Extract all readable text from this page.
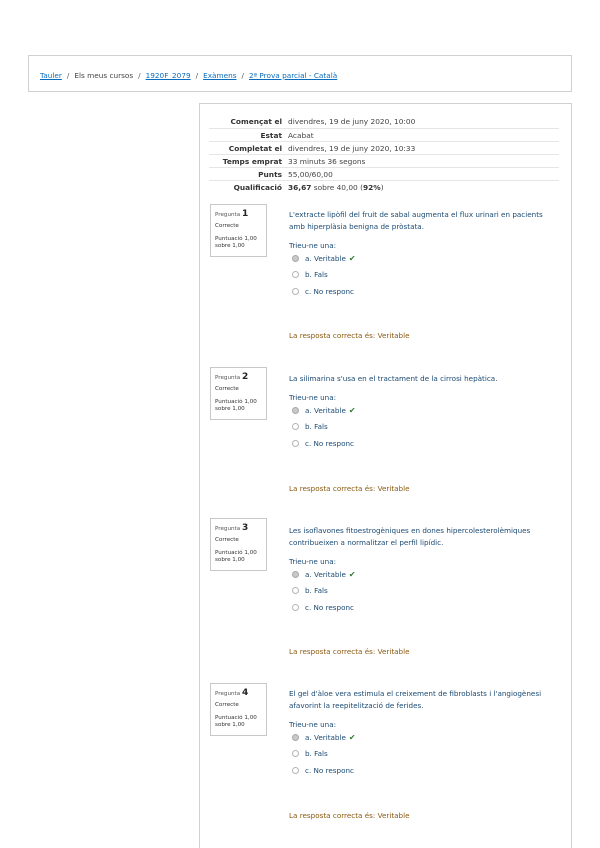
Tauler / Els meus cursos / 1920F_2079 / Exàmens / 2ª Prova parcial - Català
Començat el divendres, 19 de juny 2020, 10:00
Estat Acabat
Completat el divendres, 19 de juny 2020, 10:33
Temps emprat 33 minuts 36 segons
Punts 55,00/60,00
Qualificació 36,67 sobre 40,00 (92%)
Pregunta 1
Correcte
Puntuació 1,00
sobre 1,00
L'extracte lipòfil del fruit de sabal augmenta el flux urinari en pacients amb hiperplàsia benigna de pròstata.
Trieu-ne una:
a. Veritable ✔
b. Fals
c. No responc
La resposta correcta és: Veritable
Pregunta 2
Correcte
Puntuació 1,00
sobre 1,00
La silimarina s'usa en el tractament de la cirrosi hepàtica.
Trieu-ne una:
a. Veritable ✔
b. Fals
c. No responc
La resposta correcta és: Veritable
Pregunta 3
Correcte
Puntuació 1,00
sobre 1,00
Les isoflavones fitoestrogèniques en dones hipercolesterolèmiques contribueixen a normalitzar el perfil lipídic.
Trieu-ne una:
a. Veritable ✔
b. Fals
c. No responc
La resposta correcta és: Veritable
Pregunta 4
Correcte
Puntuació 1,00
sobre 1,00
El gel d'àloe vera estimula el creixement de fibroblasts i l'angiogènesi afavorint la reepitelització de ferides.
Trieu-ne una:
a. Veritable ✔
b. Fals
c. No responc
La resposta correcta és: Veritable
